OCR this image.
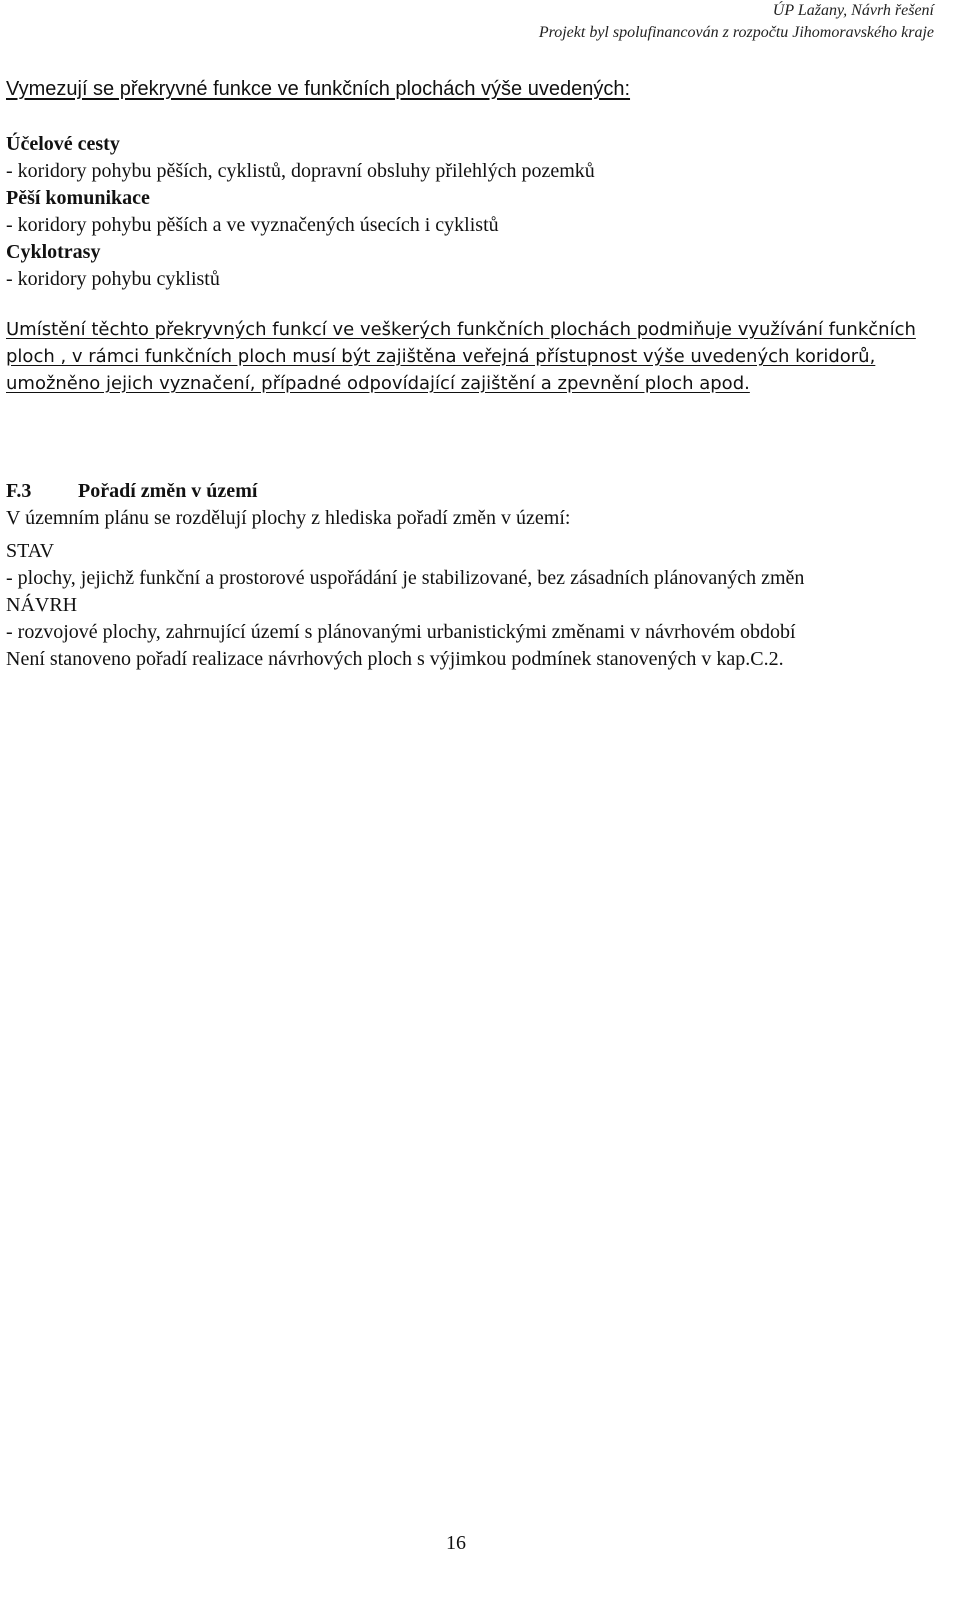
ÚP Lažany, Návrh řešení
Projekt byl spolufinancován z rozpočtu Jihomoravského kraje

Vymezují se překryvné funkce ve funkčních plochách výše uvedených:

Účelové cesty

- koridory pohybu pěších, cyklistů, dopravní obsluhy přilehlých pozemků

Pěší komunikace

- koridory pohybu pěších a ve vyznačených úsecích i cyklistů

Cyklotrasy

- koridory pohybu cyklistů

Umístění těchto překryvných funkcí ve veškerých funkčních plochách podmiňuje využívání funkčních ploch , v rámci funkčních ploch musí být zajištěna veřejná přístupnost výše uvedených koridorů, umožněno jejich vyznačení, případné odpovídající zajištění a zpevnění ploch apod.

F.3 Pořadí změn v území

V územním plánu se rozdělují plochy z hlediska pořadí změn v území:

STAV

- plochy, jejichž funkční a prostorové uspořádání je stabilizované, bez zásadních plánovaných změn

NÁVRH

- rozvojové plochy, zahrnující území s plánovanými urbanistickými změnami v návrhovém období

Není stanoveno pořadí realizace návrhových ploch s výjimkou podmínek stanovených v kap.C.2.

16
